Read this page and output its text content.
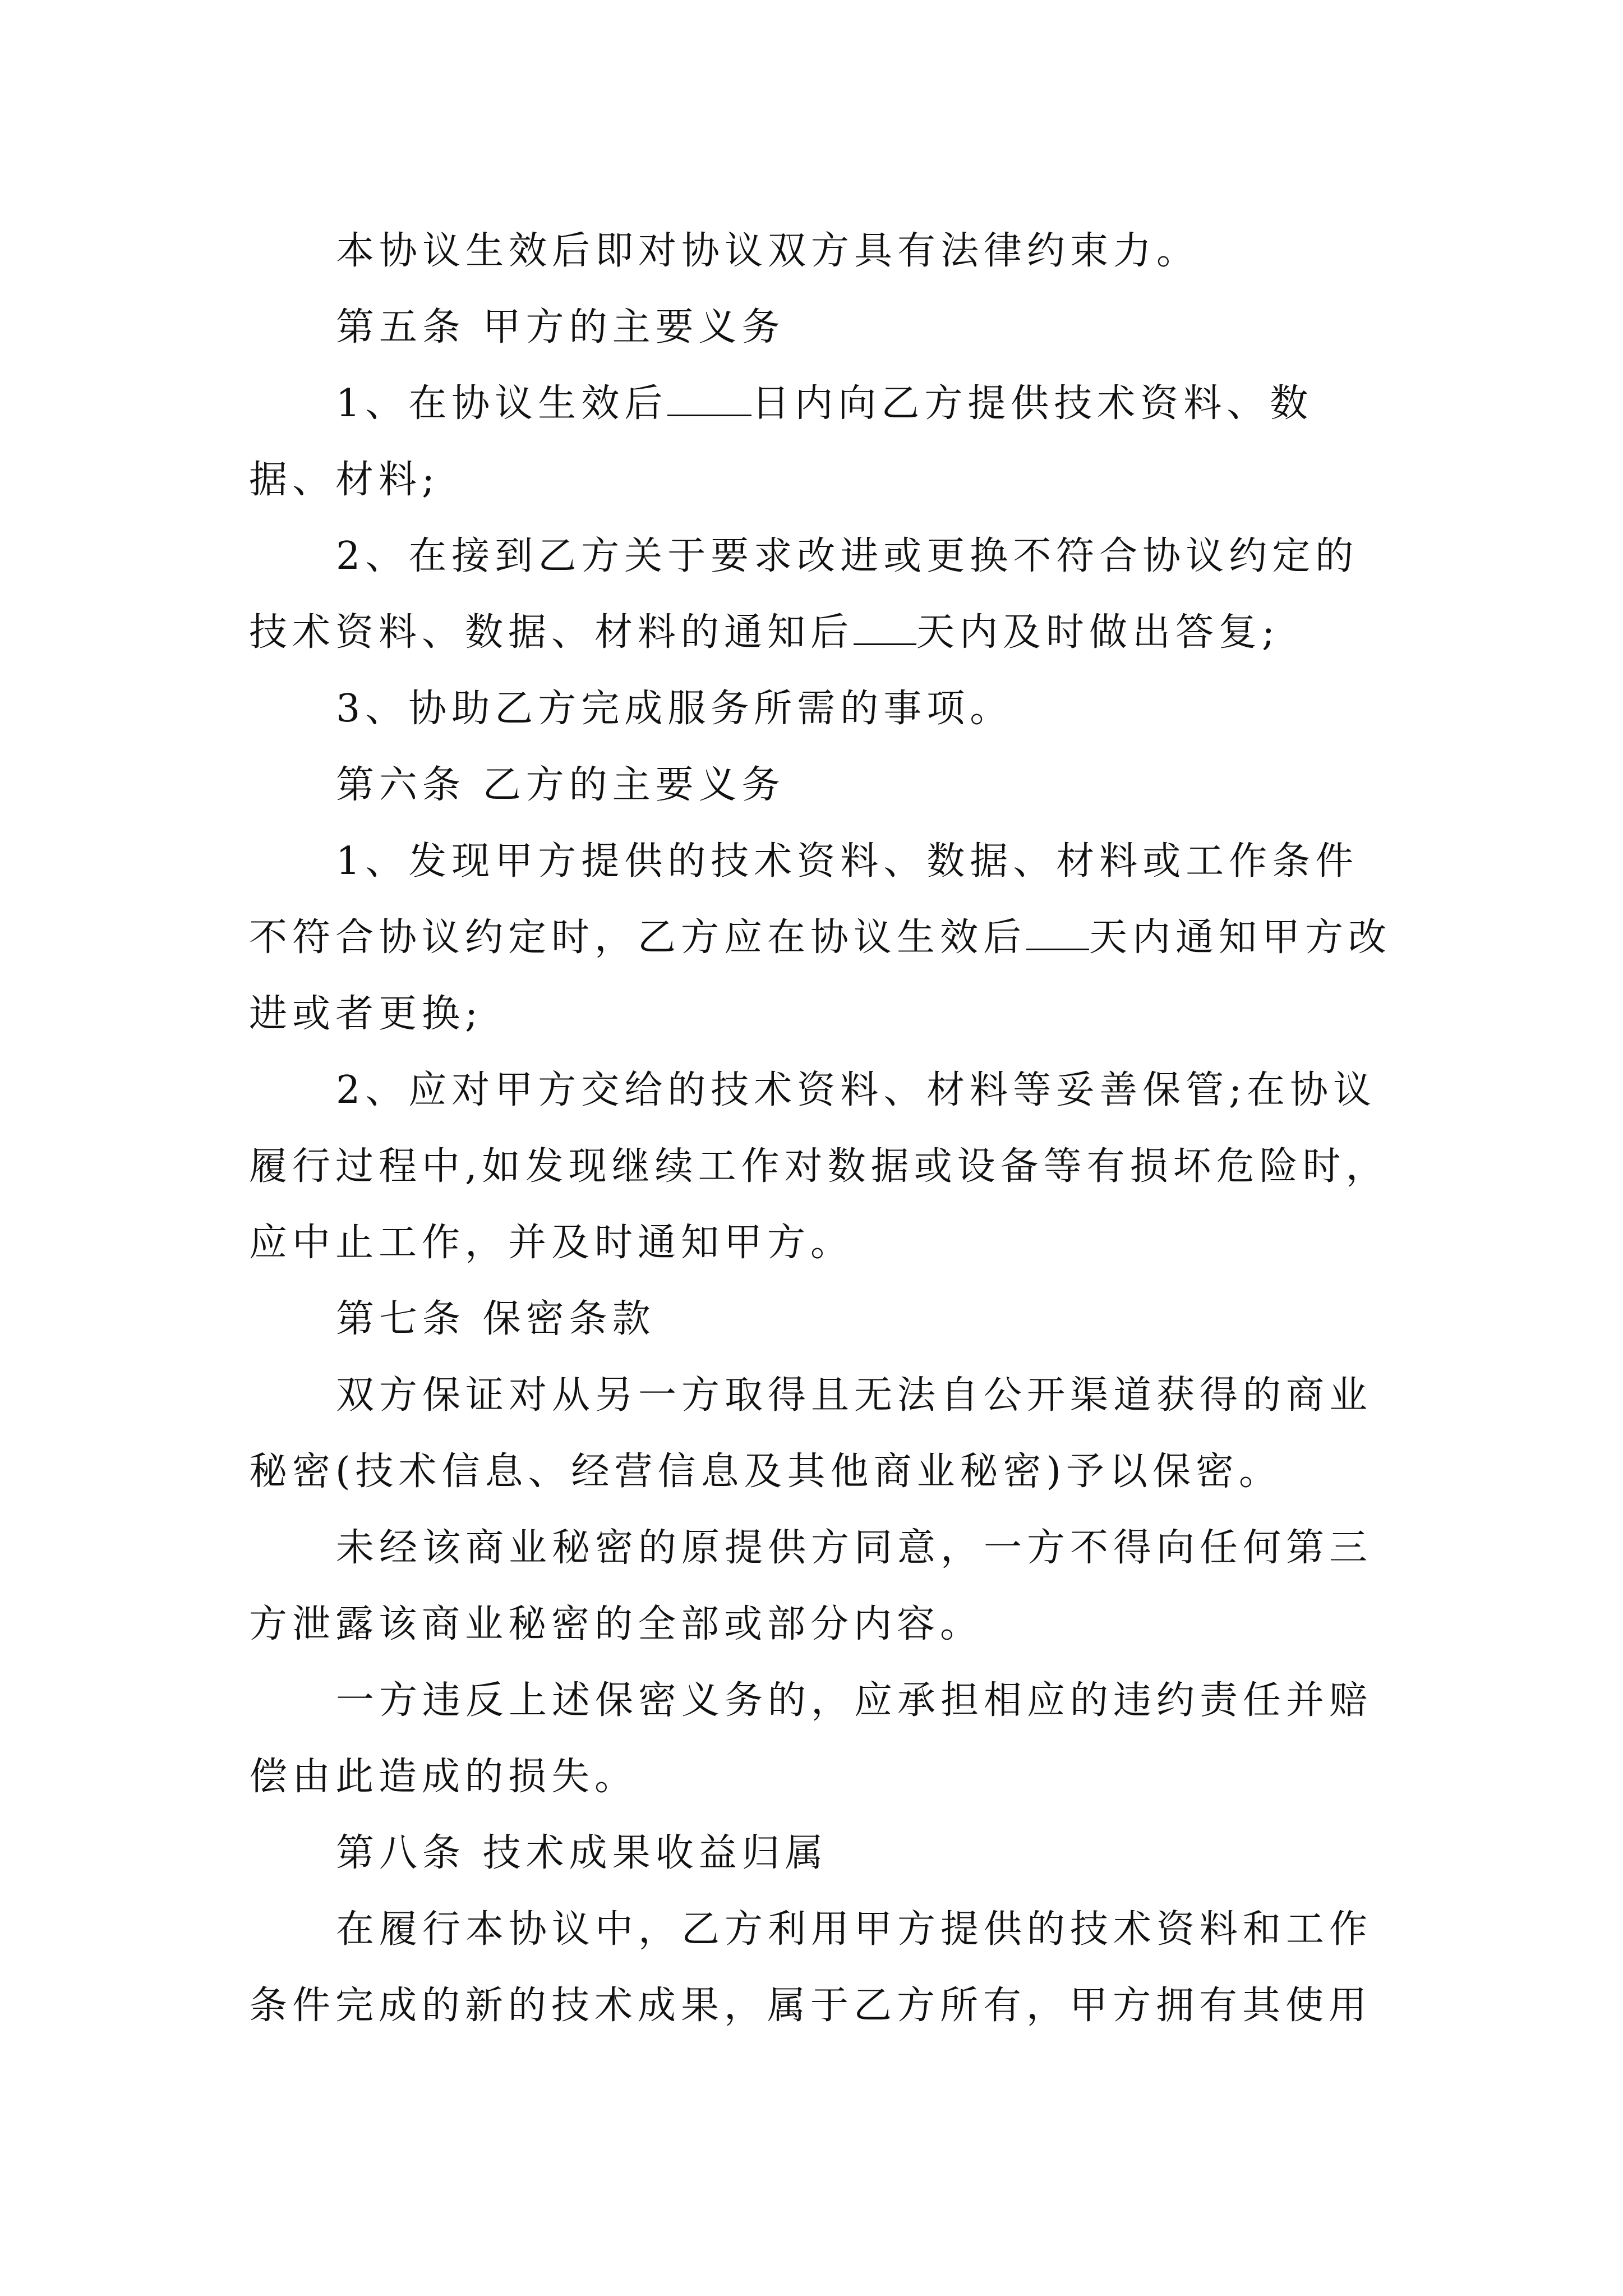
本协议生效后即对协议双方具有法律约束力。

第五条 甲方的主要义务

1、在协议生效后 日内向乙方提供技术资料、数据、材料;

2、在接到乙方关于要求改进或更换不符合协议约定的技术资料、数据、材料的通知后 天内及时做出答复;

3、协助乙方完成服务所需的事项。

第六条 乙方的主要义务

1、发现甲方提供的技术资料、数据、材料或工作条件不符合协议约定时，乙方应在协议生效后 天内通知甲方改进或者更换;

2、应对甲方交给的技术资料、材料等妥善保管;在协议履行过程中,如发现继续工作对数据或设备等有损坏危险时，应中止工作，并及时通知甲方。

第七条 保密条款

双方保证对从另一方取得且无法自公开渠道获得的商业秘密(技术信息、经营信息及其他商业秘密)予以保密。

未经该商业秘密的原提供方同意，一方不得向任何第三方泄露该商业秘密的全部或部分内容。

一方违反上述保密义务的，应承担相应的违约责任并赔偿由此造成的损失。

第八条 技术成果收益归属

在履行本协议中，乙方利用甲方提供的技术资料和工作条件完成的新的技术成果，属于乙方所有，甲方拥有其使用
